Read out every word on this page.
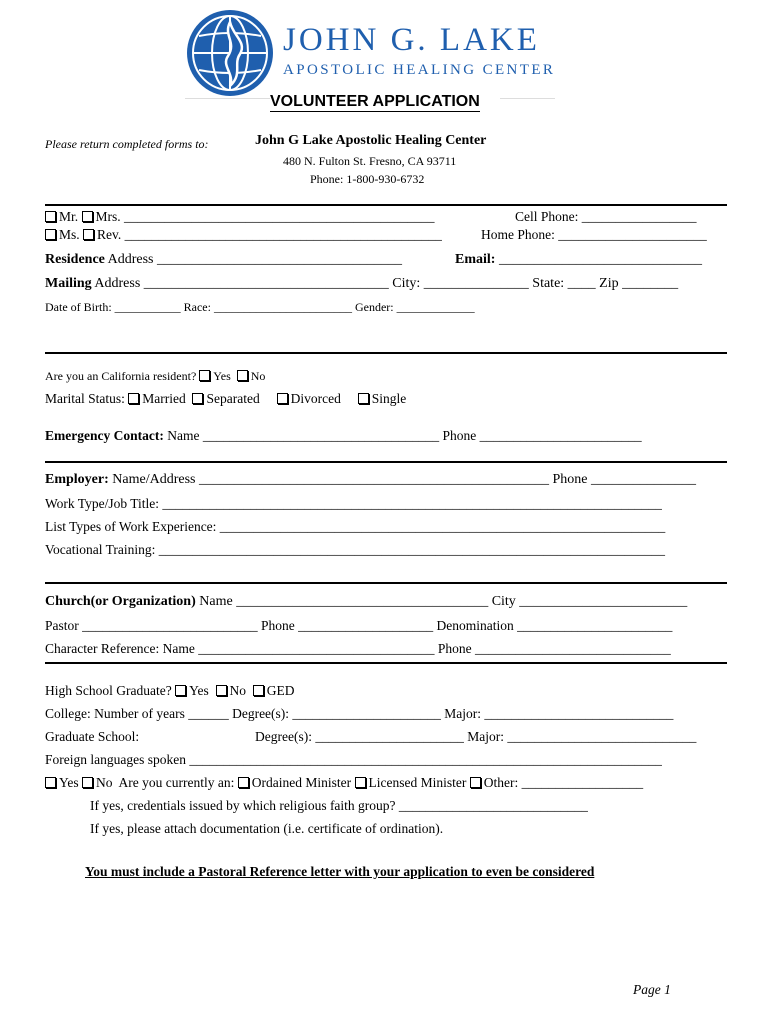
JOHN G. LAKE
APOSTOLIC HEALING CENTER
VOLUNTEER APPLICATION
Please return completed forms to:	John G Lake Apostolic Healing Center
480 N. Fulton St. Fresno, CA 93711
Phone: 1-800-930-6732
Mr. Mrs. ______________________________________________	Cell Phone: _________________
Ms. Rev. _______________________________________________	Home Phone: ______________________
Residence Address ___________________________________	Email: _____________________________
Mailing Address ___________________________________ City: _______________ State: ____ Zip ________
Date of Birth: ___________ Race: _______________________ Gender: _____________
Are you an California resident? Yes No
Marital Status: Married Separated Divorced Single
Emergency Contact: Name ___________________________________ Phone ________________________
Employer: Name/Address __________________________________________________ Phone _______________
Work Type/Job Title: __________________________________________________________________________
List Types of Work Experience: __________________________________________________________________
Vocational Training: ___________________________________________________________________________
Church(or Organization) Name ____________________________________ City ________________________
Pastor __________________________ Phone ____________________ Denomination _______________________
Character Reference: Name ___________________________________ Phone _____________________________
High School Graduate? Yes No GED
College: Number of years ______ Degree(s): ______________________ Major: ____________________________
Graduate School:	Degree(s): ______________________ Major: ____________________________
Foreign languages spoken ______________________________________________________________________
Yes No Are you currently an: Ordained Minister Licensed Minister Other: __________________
If yes, credentials issued by which religious faith group? ____________________________
If yes, please attach documentation (i.e. certificate of ordination).
You must include a Pastoral Reference letter with your application to even be considered
Page 1
